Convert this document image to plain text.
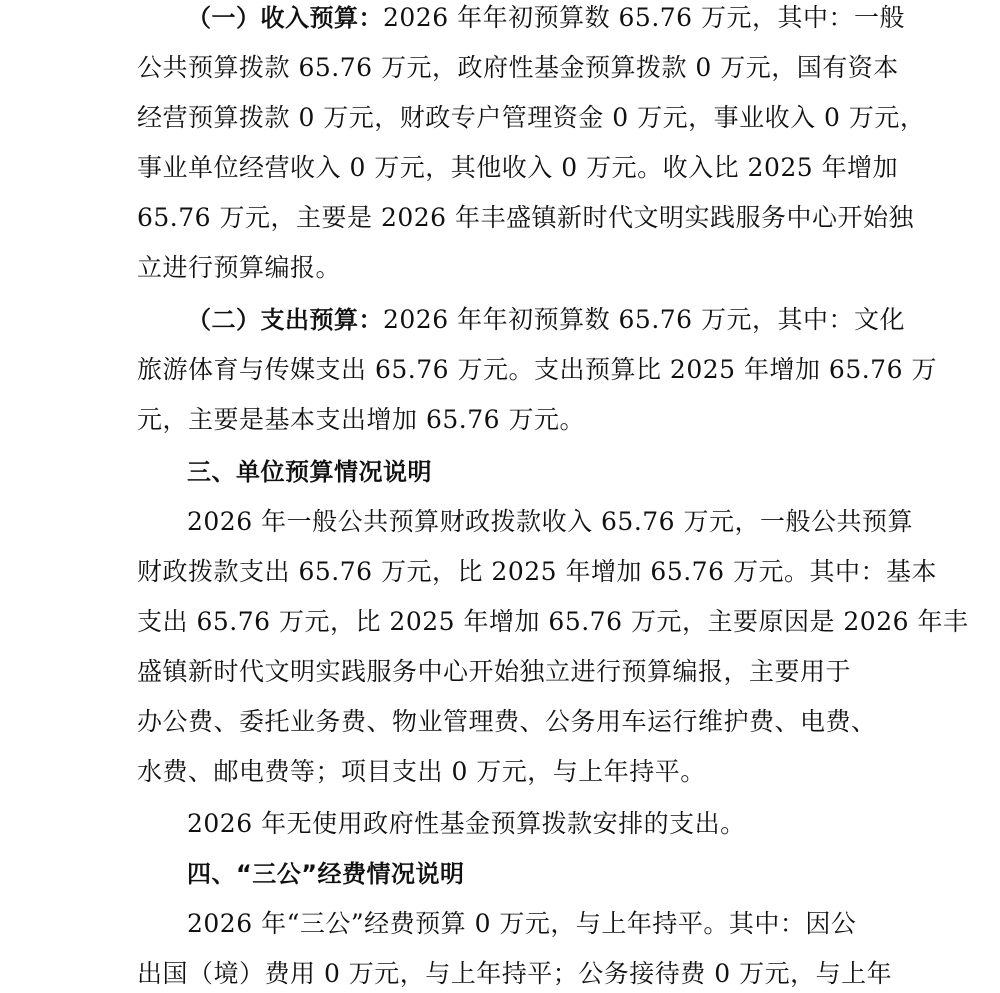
（一）收入预算：2026 年年初预算数 65.76 万元，其中：一般
公共预算拨款 65.76 万元，政府性基金预算拨款 0 万元，国有资本
经营预算拨款 0 万元，财政专户管理资金 0 万元，事业收入 0 万元，
事业单位经营收入 0 万元，其他收入 0 万元。收入比 2025 年增加
65.76 万元，主要是 2026 年丰盛镇新时代文明实践服务中心开始独
立进行预算编报。
（二）支出预算：2026 年年初预算数 65.76 万元，其中：文化
旅游体育与传媒支出 65.76 万元。支出预算比 2025 年增加 65.76 万
元，主要是基本支出增加 65.76 万元。
三、单位预算情况说明
2026 年一般公共预算财政拨款收入 65.76 万元，一般公共预算
财政拨款支出 65.76 万元，比 2025 年增加 65.76 万元。其中：基本
支出 65.76 万元，比 2025 年增加 65.76 万元，主要原因是 2026 年丰
盛镇新时代文明实践服务中心开始独立进行预算编报，主要用于
办公费、委托业务费、物业管理费、公务用车运行维护费、电费、
水费、邮电费等；项目支出 0 万元，与上年持平。
2026 年无使用政府性基金预算拨款安排的支出。
四、“三公”经费情况说明
2026 年“三公”经费预算 0 万元，与上年持平。其中：因公
出国（境）费用 0 万元，与上年持平；公务接待费 0 万元，与上年
